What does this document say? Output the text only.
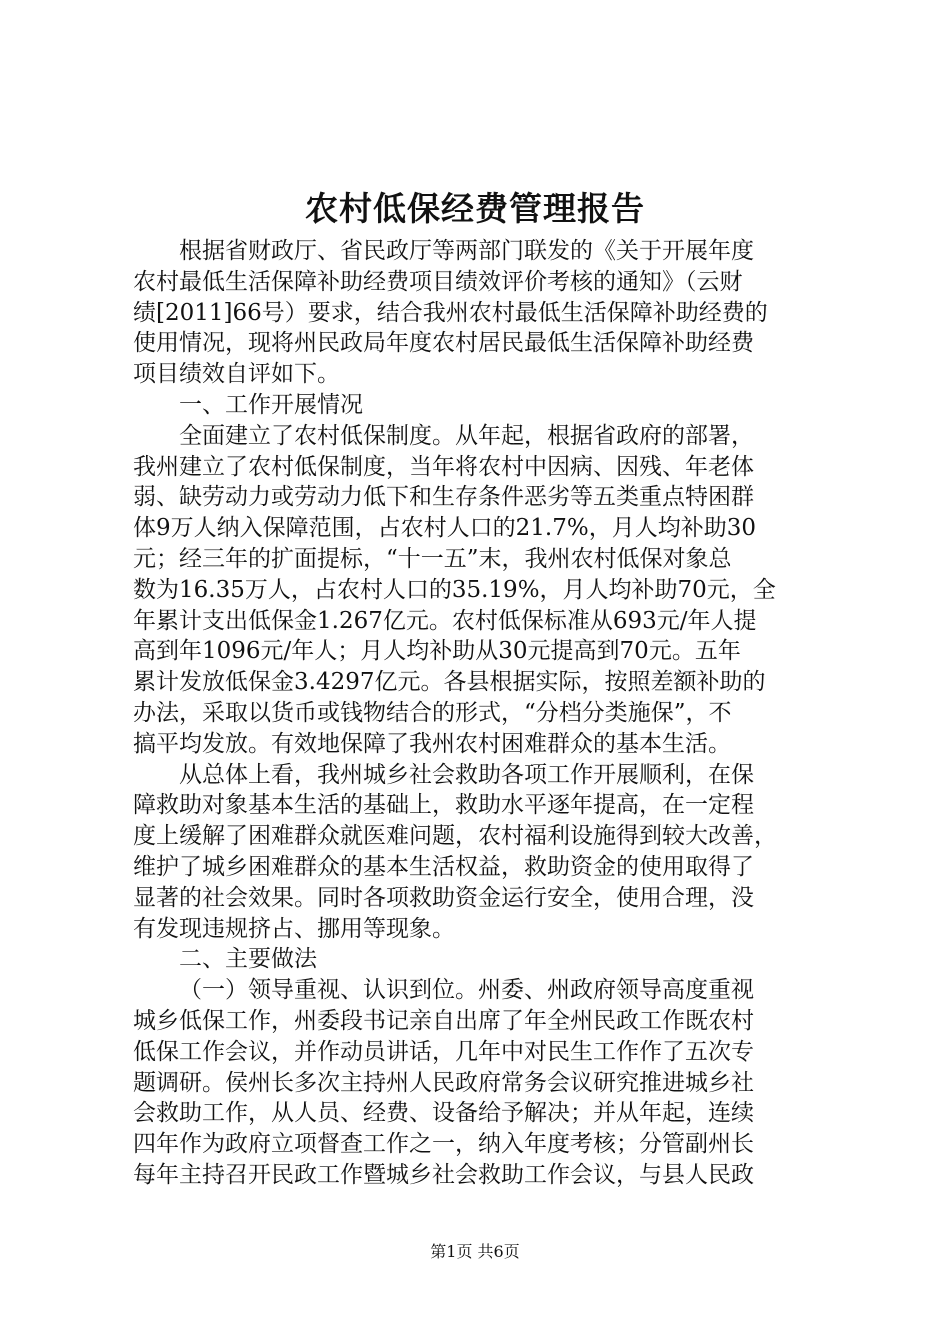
农村低保经费管理报告
根据省财政厅、省民政厅等两部门联发的《关于开展年度
农村最低生活保障补助经费项目绩效评价考核的通知》（云财
绩[2011]66号）要求，结合我州农村最低生活保障补助经费的
使用情况，现将州民政局年度农村居民最低生活保障补助经费
项目绩效自评如下。
一、工作开展情况
全面建立了农村低保制度。从年起，根据省政府的部署，
我州建立了农村低保制度，当年将农村中因病、因残、年老体
弱、缺劳动力或劳动力低下和生存条件恶劣等五类重点特困群
体9万人纳入保障范围，占农村人口的21.7%，月人均补助30
元；经三年的扩面提标，“十一五”末，我州农村低保对象总
数为16.35万人，占农村人口的35.19%，月人均补助70元，全
年累计支出低保金1.267亿元。农村低保标准从693元/年人提
高到年1096元/年人；月人均补助从30元提高到70元。五年
累计发放低保金3.4297亿元。各县根据实际，按照差额补助的
办法，采取以货币或钱物结合的形式，“分档分类施保”，不
搞平均发放。有效地保障了我州农村困难群众的基本生活。
从总体上看，我州城乡社会救助各项工作开展顺利，在保
障救助对象基本生活的基础上，救助水平逐年提高，在一定程
度上缓解了困难群众就医难问题，农村福利设施得到较大改善，
维护了城乡困难群众的基本生活权益，救助资金的使用取得了
显著的社会效果。同时各项救助资金运行安全，使用合理，没
有发现违规挤占、挪用等现象。
二、主要做法
（一）领导重视、认识到位。州委、州政府领导高度重视
城乡低保工作，州委段书记亲自出席了年全州民政工作既农村
低保工作会议，并作动员讲话，几年中对民生工作作了五次专
题调研。侯州长多次主持州人民政府常务会议研究推进城乡社
会救助工作，从人员、经费、设备给予解决；并从年起，连续
四年作为政府立项督查工作之一，纳入年度考核；分管副州长
每年主持召开民政工作暨城乡社会救助工作会议，与县人民政
第1页 共6页
